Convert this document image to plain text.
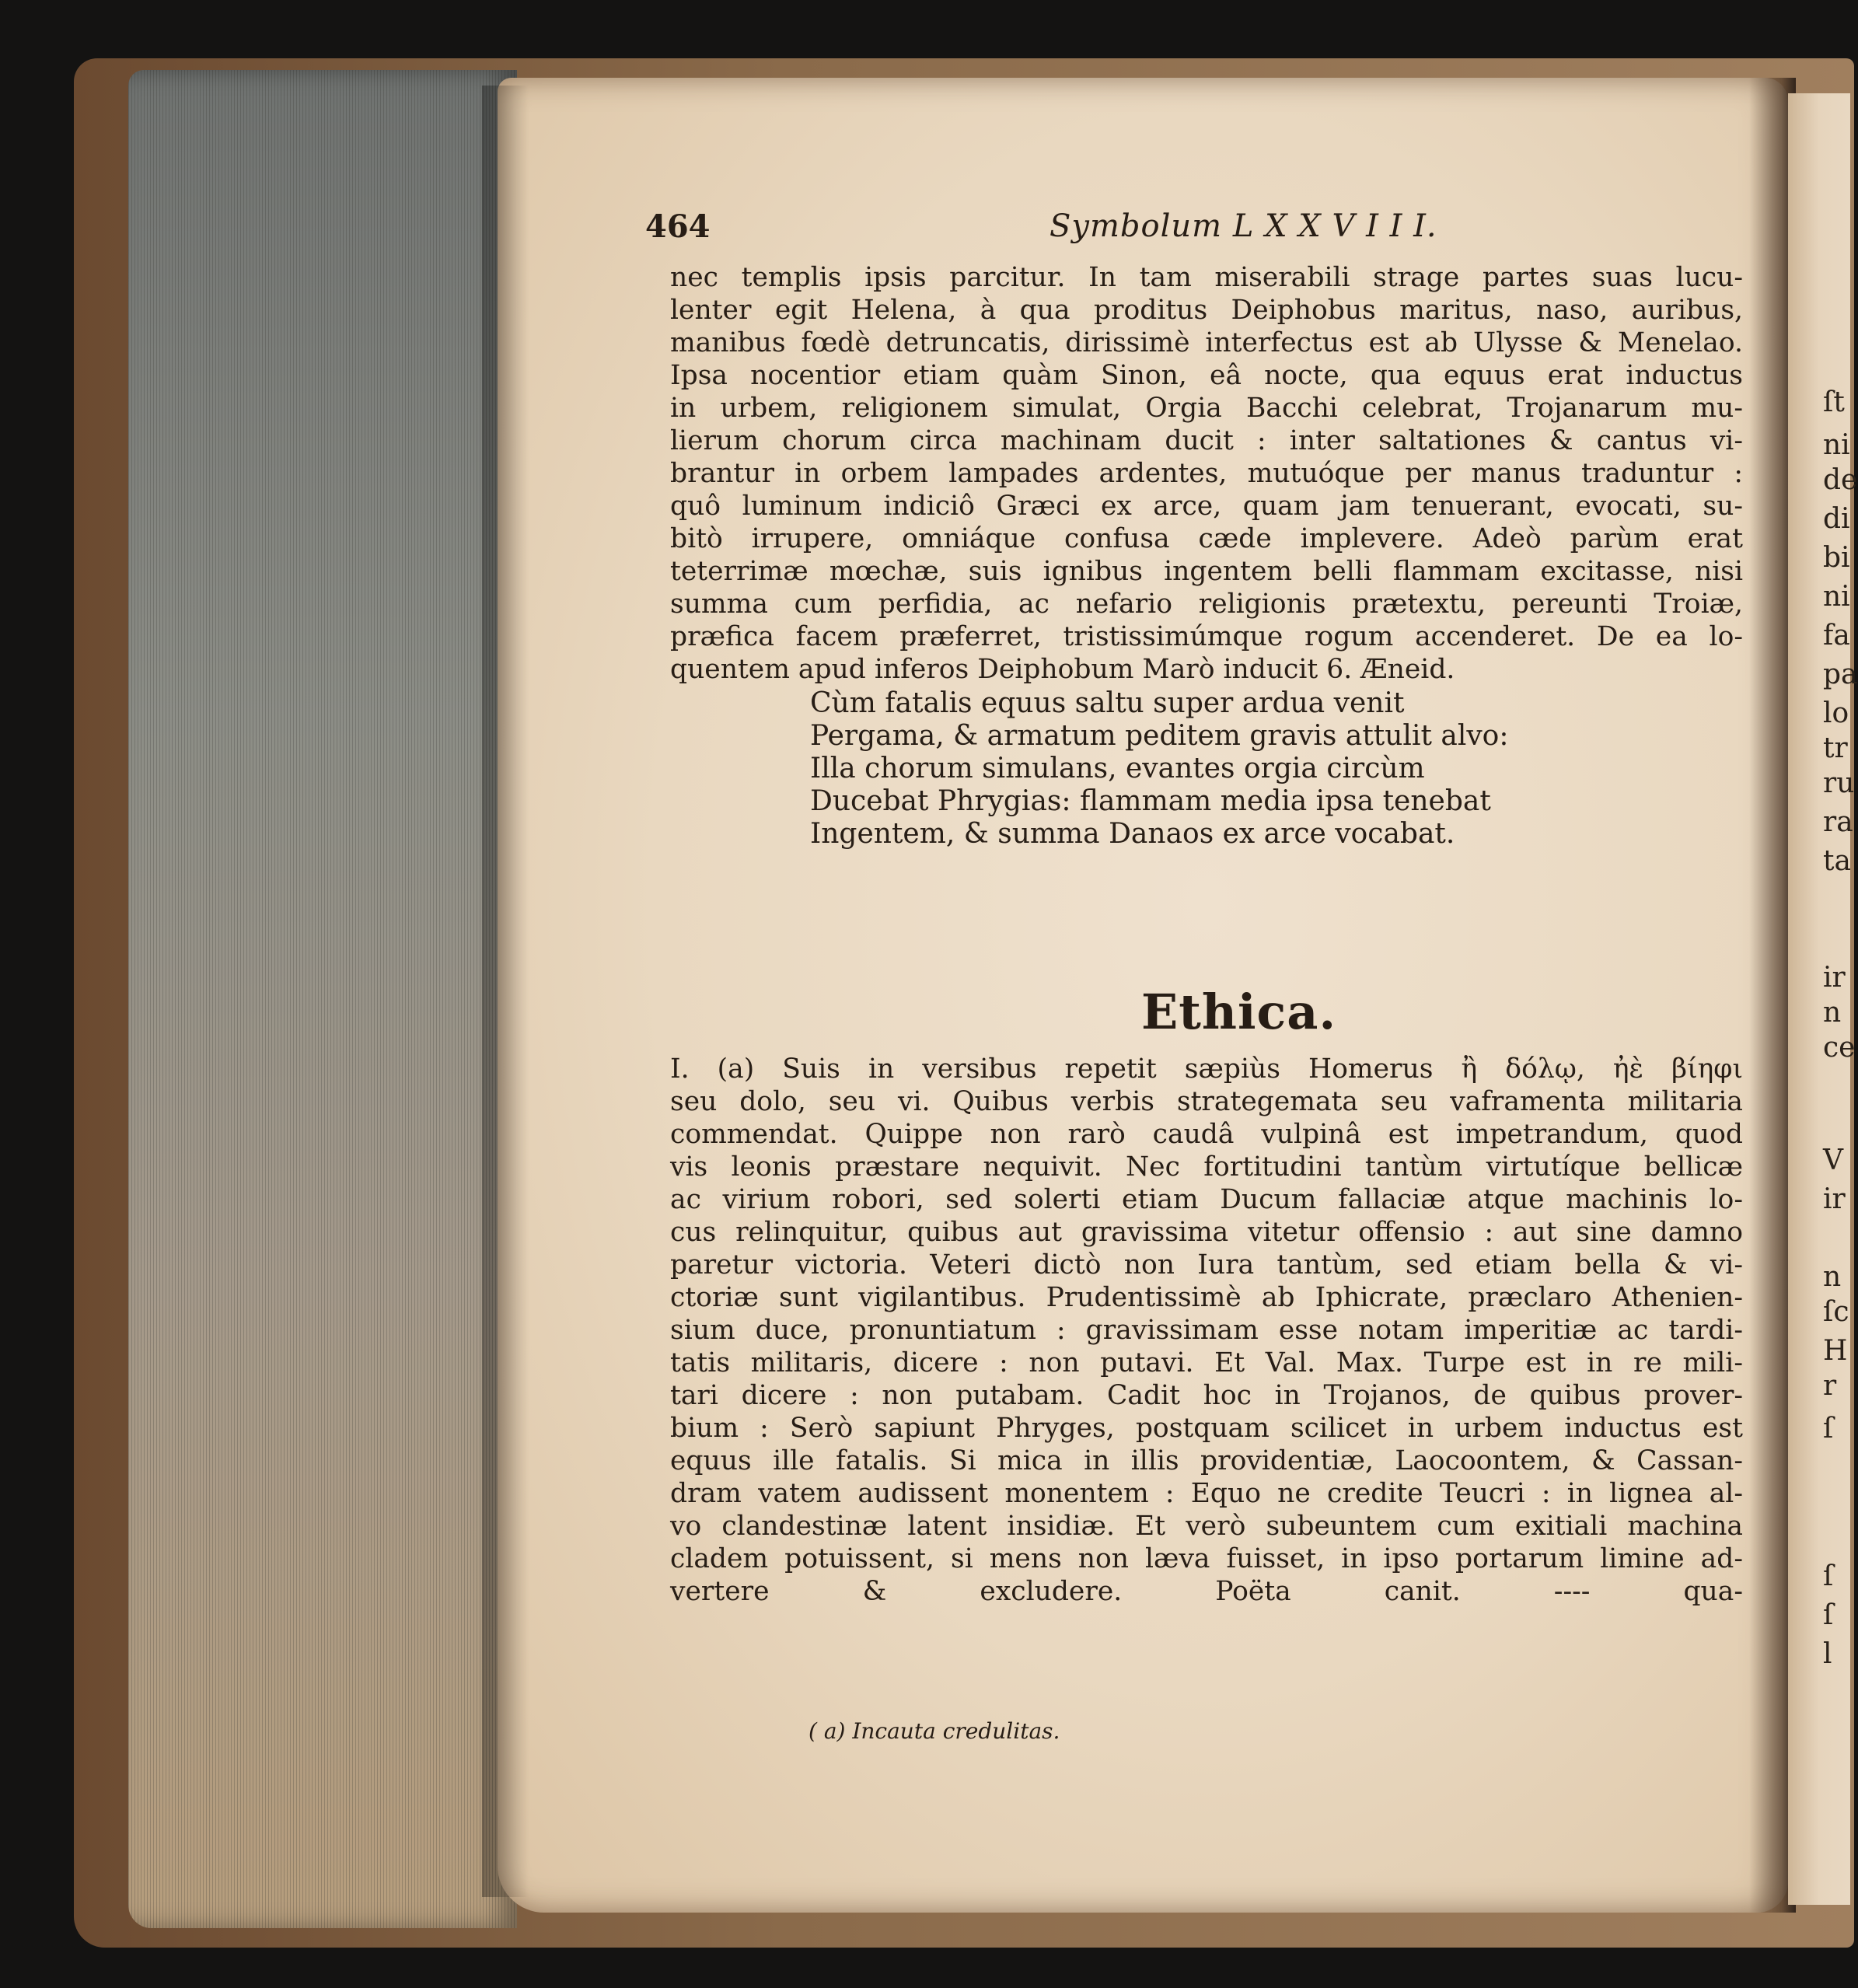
464	Symbolum L X X V I I I.

nec templis ipsis parcitur. In tam miserabili strage partes suas lucu-

lenter egit Helena, à qua proditus Deiphobus maritus, naso, auribus,

manibus fœdè detruncatis, dirissimè interfectus est ab Ulysse & Menelao.

Ipsa nocentior etiam quàm Sinon, eâ nocte, qua equus erat inductus

in urbem, religionem simulat, Orgia Bacchi celebrat, Trojanarum mu-

lierum chorum circa machinam ducit : inter saltationes & cantus vi-

brantur in orbem lampades ardentes, mutuóque per manus traduntur :

quô luminum indiciô Græci ex arce, quam jam tenuerant, evocati, su-

bitò irrupere, omniáque confusa cæde implevere. Adeò parùm erat

teterrimæ mœchæ, suis ignibus ingentem belli flammam excitasse, nisi

summa cum perfidia, ac nefario religionis prætextu, pereunti Troiæ,

præfica facem præferret, tristissimúmque rogum accenderet. De ea lo-

quentem apud inferos Deiphobum Marò inducit 6. Æneid.

Cùm fatalis equus saltu super ardua venit

Pergama, & armatum peditem gravis attulit alvo:

Illa chorum simulans, evantes orgia circùm

Ducebat Phrygias: flammam media ipsa tenebat

Ingentem, & summa Danaos ex arce vocabat.

Ethica.

I. (a) Suis in versibus repetit sæpiùs Homerus ἢ δόλῳ, ἠὲ βίηφι

seu dolo, seu vi. Quibus verbis strategemata seu vaframenta militaria

commendat. Quippe non rarò caudâ vulpinâ est impetrandum, quod

vis leonis præstare nequivit. Nec fortitudini tantùm virtutíque bellicæ

ac virium robori, sed solerti etiam Ducum fallaciæ atque machinis lo-

cus relinquitur, quibus aut gravissima vitetur offensio : aut sine damno

paretur victoria. Veteri dictò non Iura tantùm, sed etiam bella & vi-

ctoriæ sunt vigilantibus. Prudentissimè ab Iphicrate, præclaro Athenien-

sium duce, pronuntiatum : gravissimam esse notam imperitiæ ac tardi-

tatis militaris, dicere : non putavi. Et Val. Max. Turpe est in re mili-

tari dicere : non putabam. Cadit hoc in Trojanos, de quibus prover-

bium : Serò sapiunt Phryges, postquam scilicet in urbem inductus est

equus ille fatalis. Si mica in illis providentiæ, Laocoontem, & Cassan-

dram vatem audissent monentem : Equo ne credite Teucri : in lignea al-

vo clandestinæ latent insidiæ. Et verò subeuntem cum exitiali machina

cladem potuissent, si mens non læva fuisset, in ipso portarum limine ad-

vertere & excludere. Poëta canit. ---- qua-

( a) Incauta credulitas.

ſt

ni

de

di

bi

ni

fa

pa

lo

tr

ru

ra

ta

ir

n

ce

V

ir

n

ſc

H

r

ſ

ſ

ſ

l
